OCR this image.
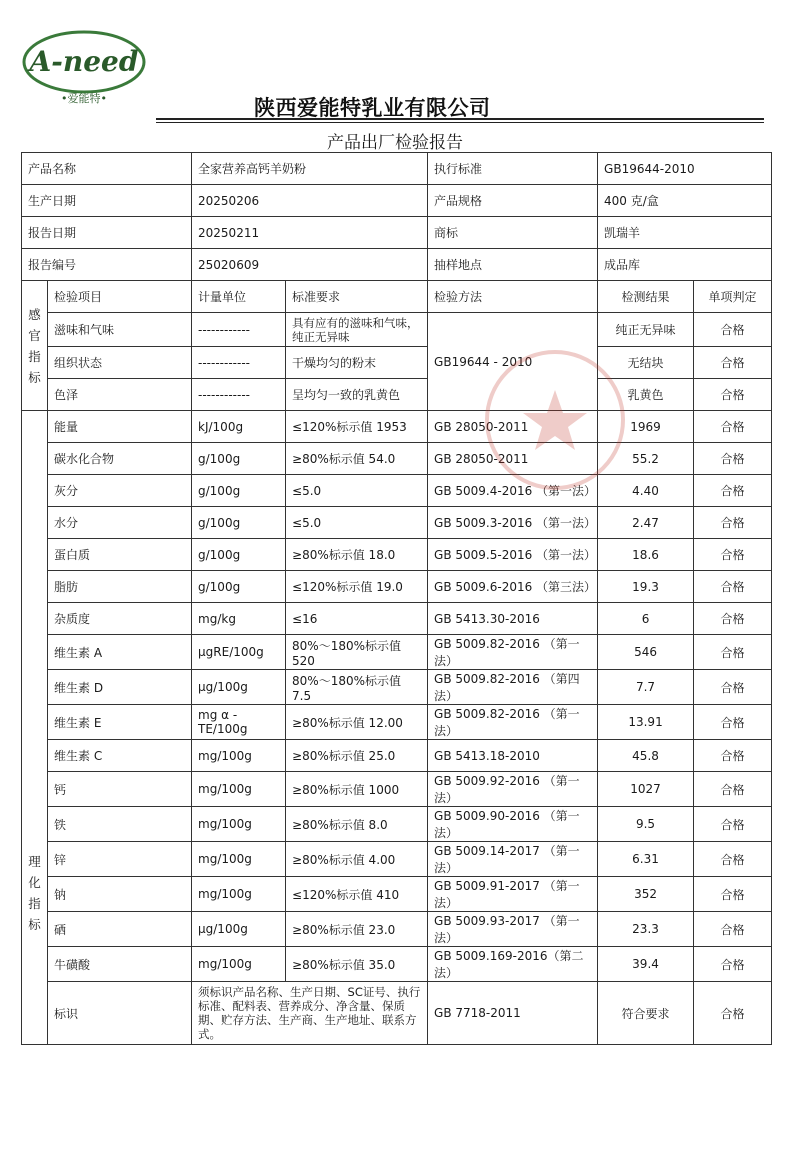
A-need
•爱能特•	陕西爱能特乳业有限公司
产品出厂检验报告
产品名称		全家营养高钙羊奶粉		执行标准	GB19644-2010	
生产日期		20250206		产品规格	400 克/盒	
报告日期		20250211		商标	凯瑞羊	
报告编号		25020609		抽样地点	成品库	
感
官
指
标	检验项目	计量单位	标准要求	检验方法	检测结果	单项判定
	滋味和气味	------------	具有应有的滋味和气味，纯正无异味	GB19644 - 2010	纯正无异味	合格
	组织状态	------------	干燥均匀的粉末		无结块	合格
	色泽	------------	呈均匀一致的乳黄色		乳黄色	合格
理
化
指
标	能量	kJ/100g	≤120%标示值 1953	GB 28050-2011	1969	合格
	碳水化合物	g/100g	≥80%标示值 54.0	GB 28050-2011	55.2	合格
	灰分	g/100g	≤5.0	GB 5009.4-2016 （第一法）	4.40	合格
	水分	g/100g	≤5.0	GB 5009.3-2016 （第一法）	2.47	合格
	蛋白质	g/100g	≥80%标示值 18.0	GB 5009.5-2016 （第一法）	18.6	合格
	脂肪	g/100g	≤120%标示值 19.0	GB 5009.6-2016 （第三法）	19.3	合格
	杂质度	mg/kg	≤16	GB 5413.30-2016	6	合格
	维生素 A	μgRE/100g	80%～180%标示值 520	GB 5009.82-2016 （第一法）	546	合格
	维生素 D	μg/100g	80%～180%标示值 7.5	GB 5009.82-2016 （第四法）	7.7	合格
	维生素 E	mg α -TE/100g	≥80%标示值 12.00	GB 5009.82-2016 （第一法）	13.91	合格
	维生素 C	mg/100g	≥80%标示值 25.0	GB 5413.18-2010	45.8	合格
	钙	mg/100g	≥80%标示值 1000	GB 5009.92-2016 （第一法）	1027	合格
	铁	mg/100g	≥80%标示值 8.0	GB 5009.90-2016 （第一法）	9.5	合格
	锌	mg/100g	≥80%标示值 4.00	GB 5009.14-2017 （第一法）	6.31	合格
	钠	mg/100g	≤120%标示值 410	GB 5009.91-2017 （第一法）	352	合格
	硒	μg/100g	≥80%标示值 23.0	GB 5009.93-2017 （第一法）	23.3	合格
	牛磺酸	mg/100g	≥80%标示值 35.0	GB 5009.169-2016（第二法）	39.4	合格
	标识	须标识产品名称、生产日期、SC证号、执行标准、配料表、营养成分、净含量、保质期、贮存方法、生产商、生产地址、联系方式。		GB 7718-2011	符合要求	合格
